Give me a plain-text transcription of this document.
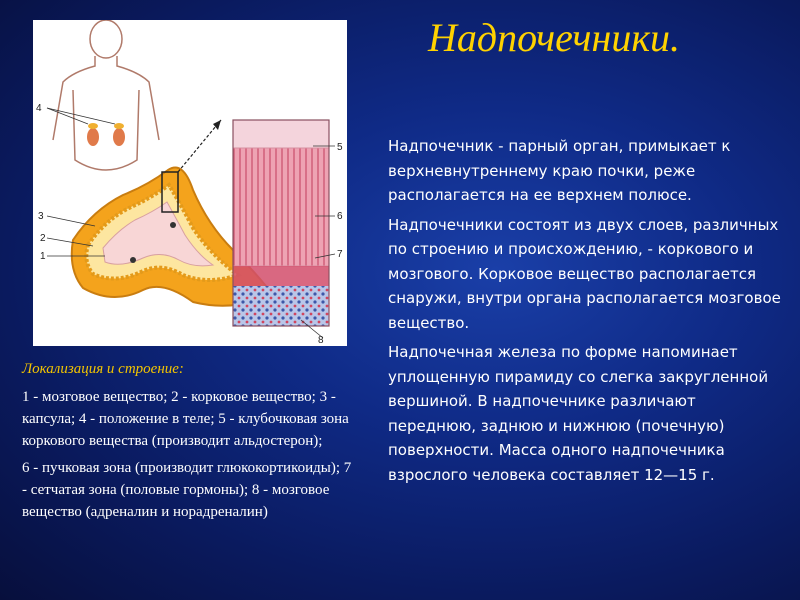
Надпочечники.
4
3
2
1
5
6
7
8
Локализация и строение:

1 - мозговое вещество; 2 - корковое вещество; 3 - капсула; 4 - положение в теле; 5 - клубочковая зона коркового вещества (производит альдостерон);

6 - пучковая зона (производит глюкокортикоиды); 7 - сетчатая зона (половые гормоны); 8 - мозговое вещество (адреналин и норадреналин)

Надпочечник - парный орган, примыкает к верхневнутреннему краю почки, реже располагается на ее верхнем полюсе.

Надпочечники состоят из двух слоев, различных по строению и происхождению, - коркового и мозгового. Корковое вещество располагается снаружи, внутри органа располагается мозговое вещество.

Надпочечная железа по форме напоминает уплощенную пирамиду со слегка закругленной вершиной. В надпочечнике различают переднюю, заднюю и нижнюю (почечную) поверхности. Масса одного надпочечника взрослого человека составляет 12—15 г.
